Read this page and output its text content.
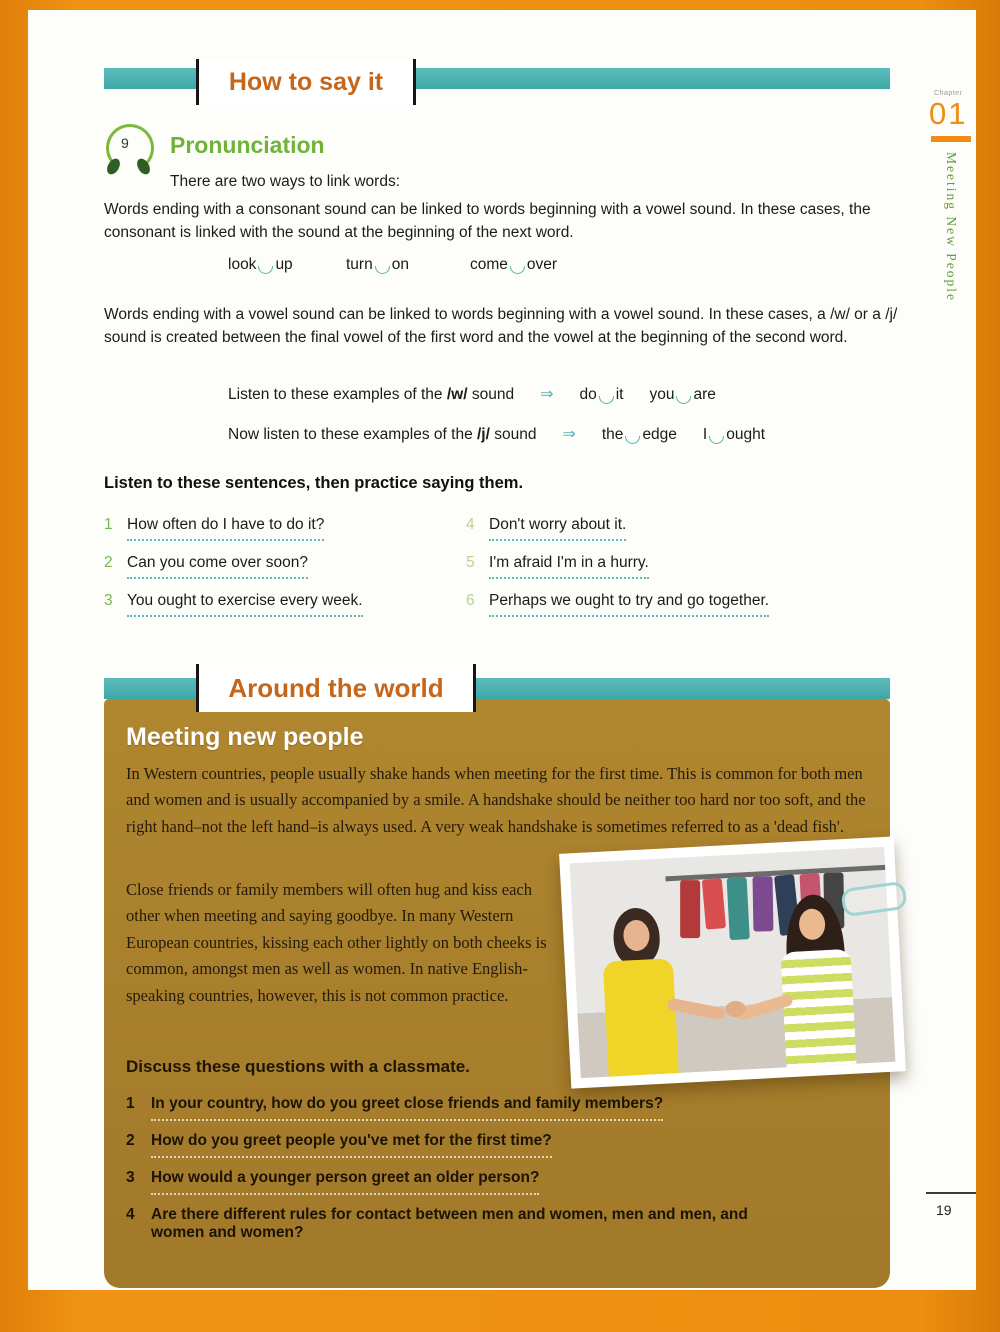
How to say it
9 Pronunciation

There are two ways to link words:

Words ending with a consonant sound can be linked to words beginning with a vowel sound. In these cases, the consonant is linked with the sound at the beginning of the next word.

look up	turn on	come over

Words ending with a vowel sound can be linked to words beginning with a vowel sound. In these cases, a /w/ or a /j/ sound is created between the final vowel of the first word and the vowel at the beginning of the second word.

Listen to these examples of the /w/ sound ⇒ do it you are
Now listen to these examples of the /j/ sound ⇒ the edge I ought
Listen to these sentences, then practice saying them.
1 How often do I have to do it?
2 Can you come over soon?
3 You ought to exercise every week.
4 Don't worry about it.
5 I'm afraid I'm in a hurry.
6 Perhaps we ought to try and go together.
Around the world
Meeting new people

In Western countries, people usually shake hands when meeting for the first time. This is common for both men and women and is usually accompanied by a smile. A handshake should be neither too hard nor too soft, and the right hand–not the left hand–is always used. A very weak handshake is sometimes referred to as a 'dead fish'.

Close friends or family members will often hug and kiss each other when meeting and saying goodbye. In many Western European countries, kissing each other lightly on both cheeks is common, amongst men as well as women. In native English-speaking countries, however, this is not common practice.

Discuss these questions with a classmate.
1	In your country, how do you greet close friends and family members?
2	How do you greet people you've met for the first time?
3	How would a younger person greet an older person?
4	Are there different rules for contact between men and women, men and men, and women and women?
Chapter
01
Meeting New People
19
